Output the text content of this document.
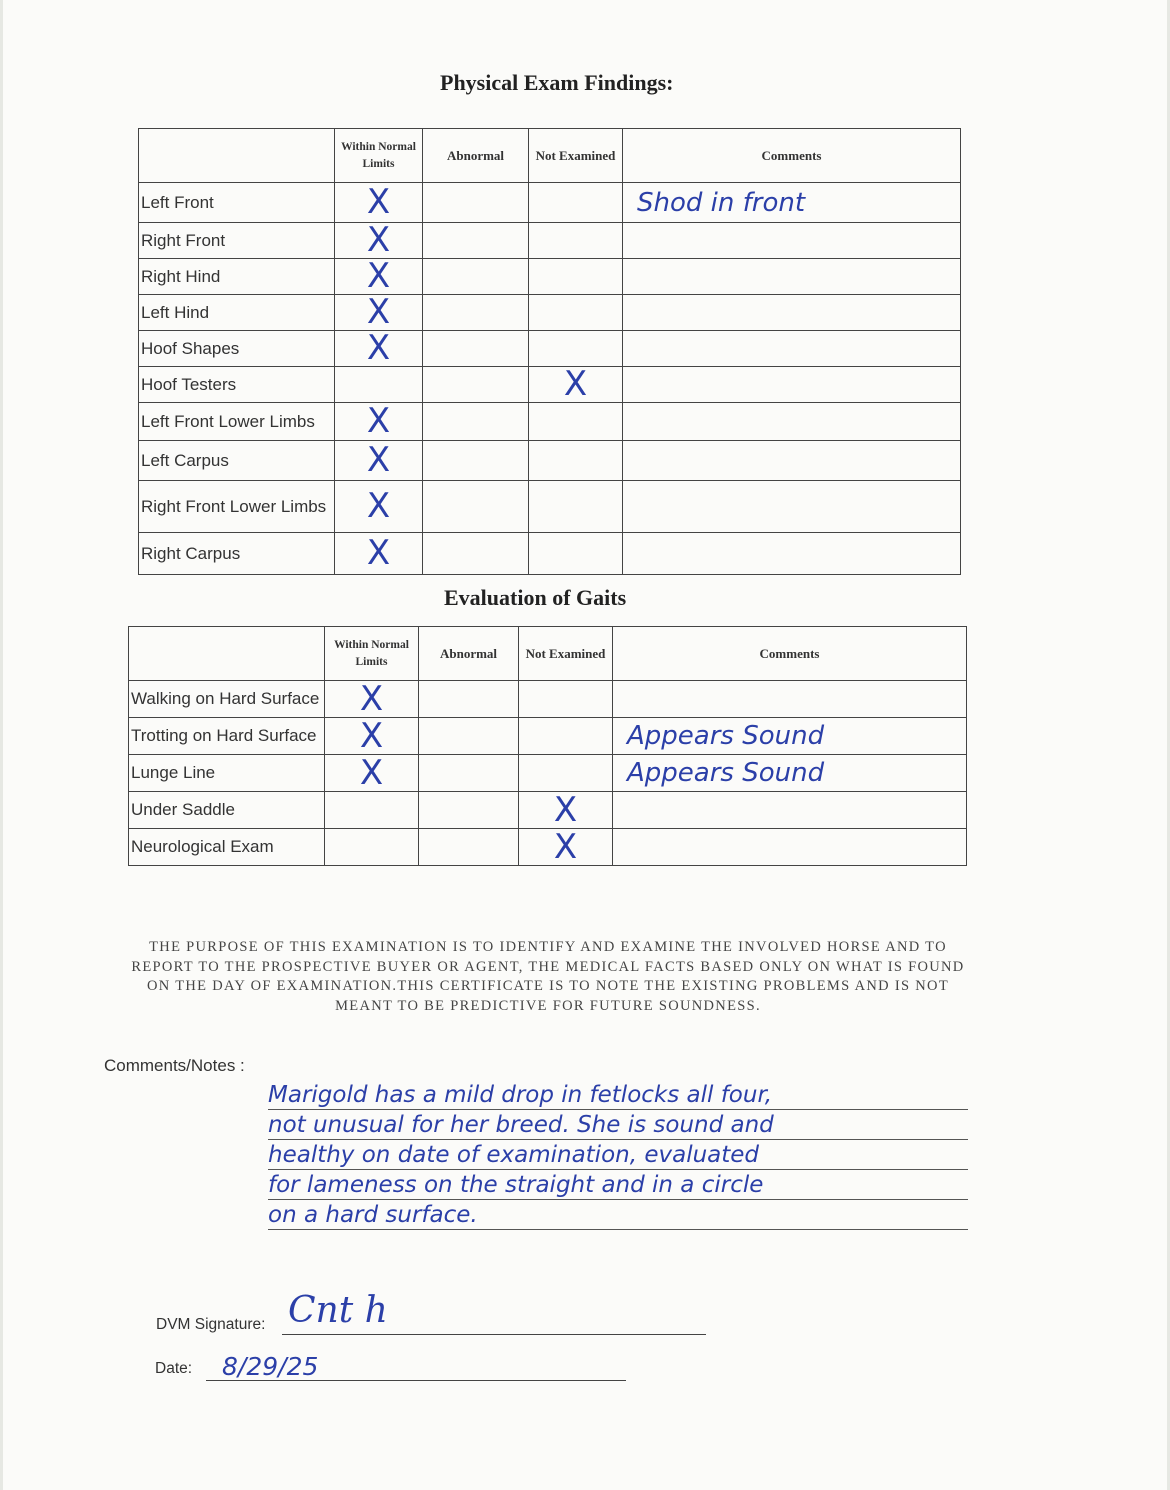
Physical Exam Findings:
	Within Normal Limits	Abnormal	Not Examined	Comments
Left Front	X			Shod in front
Right Front	X			
Right Hind	X			
Left Hind	X			
Hoof Shapes	X			
Hoof Testers			X	
Left Front Lower Limbs	X			
Left Carpus	X			
Right Front Lower Limbs	X			
Right Carpus	X			
Evaluation of Gaits
	Within Normal Limits	Abnormal	Not Examined	Comments
Walking on Hard Surface	X			
Trotting on Hard Surface	X			Appears Sound
Lunge Line	X			Appears Sound
Under Saddle			X	
Neurological Exam			X	
THE PURPOSE OF THIS EXAMINATION IS TO IDENTIFY AND EXAMINE THE INVOLVED HORSE AND TO REPORT TO THE PROSPECTIVE BUYER OR AGENT, THE MEDICAL FACTS BASED ONLY ON WHAT IS FOUND ON THE DAY OF EXAMINATION.THIS CERTIFICATE IS TO NOTE THE EXISTING PROBLEMS AND IS NOT MEANT TO BE PREDICTIVE FOR FUTURE SOUNDNESS.
Comments/Notes :
Marigold has a mild drop in fetlocks all four,
not unusual for her breed. She is sound and
healthy on date of examination, evaluated
for lameness on the straight and in a circle
on a hard surface.
DVM Signature: Cnt h
Date: 8/29/25
